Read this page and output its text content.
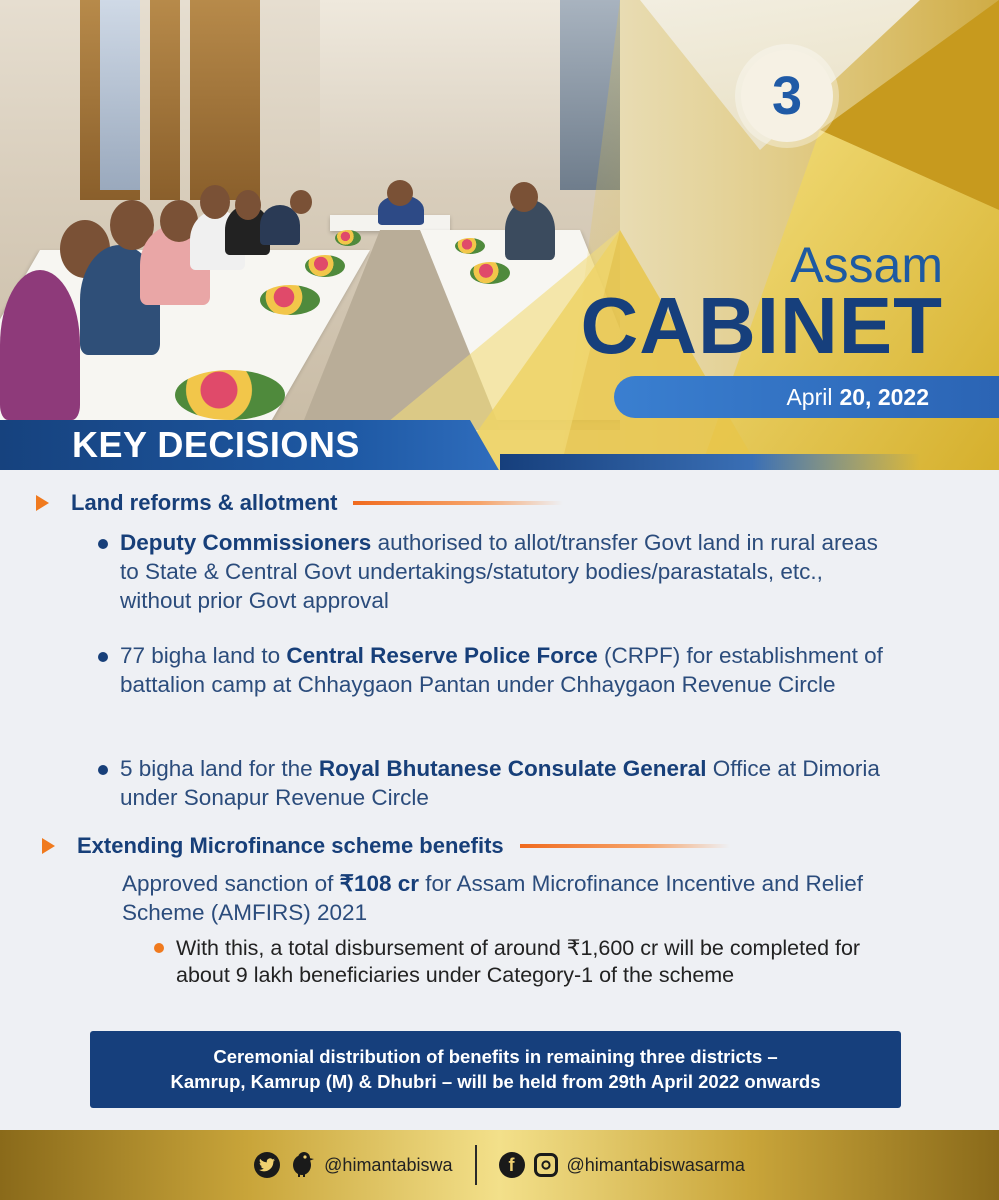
3
Assam
CABINET
April 20, 2022
KEY DECISIONS
Land reforms & allotment
Deputy Commissioners authorised to allot/transfer Govt land in rural areas to State & Central Govt undertakings/statutory bodies/parastatals, etc., without prior Govt approval
77 bigha land to Central Reserve Police Force (CRPF) for establishment of battalion camp at Chhaygaon Pantan under Chhaygaon Revenue Circle
5 bigha land for the Royal Bhutanese Consulate General Office at Dimoria under Sonapur Revenue Circle
Extending Microfinance scheme benefits
Approved sanction of ₹108 cr for Assam Microfinance Incentive and Relief Scheme (AMFIRS) 2021
With this, a total disbursement of around ₹1,600 cr will be completed for about 9 lakh beneficiaries under Category-1 of the scheme
Ceremonial distribution of benefits in remaining three districts –
Kamrup, Kamrup (M) & Dhubri – will be held from 29th April 2022 onwards
@himantabiswa	f	@himantabiswasarma
